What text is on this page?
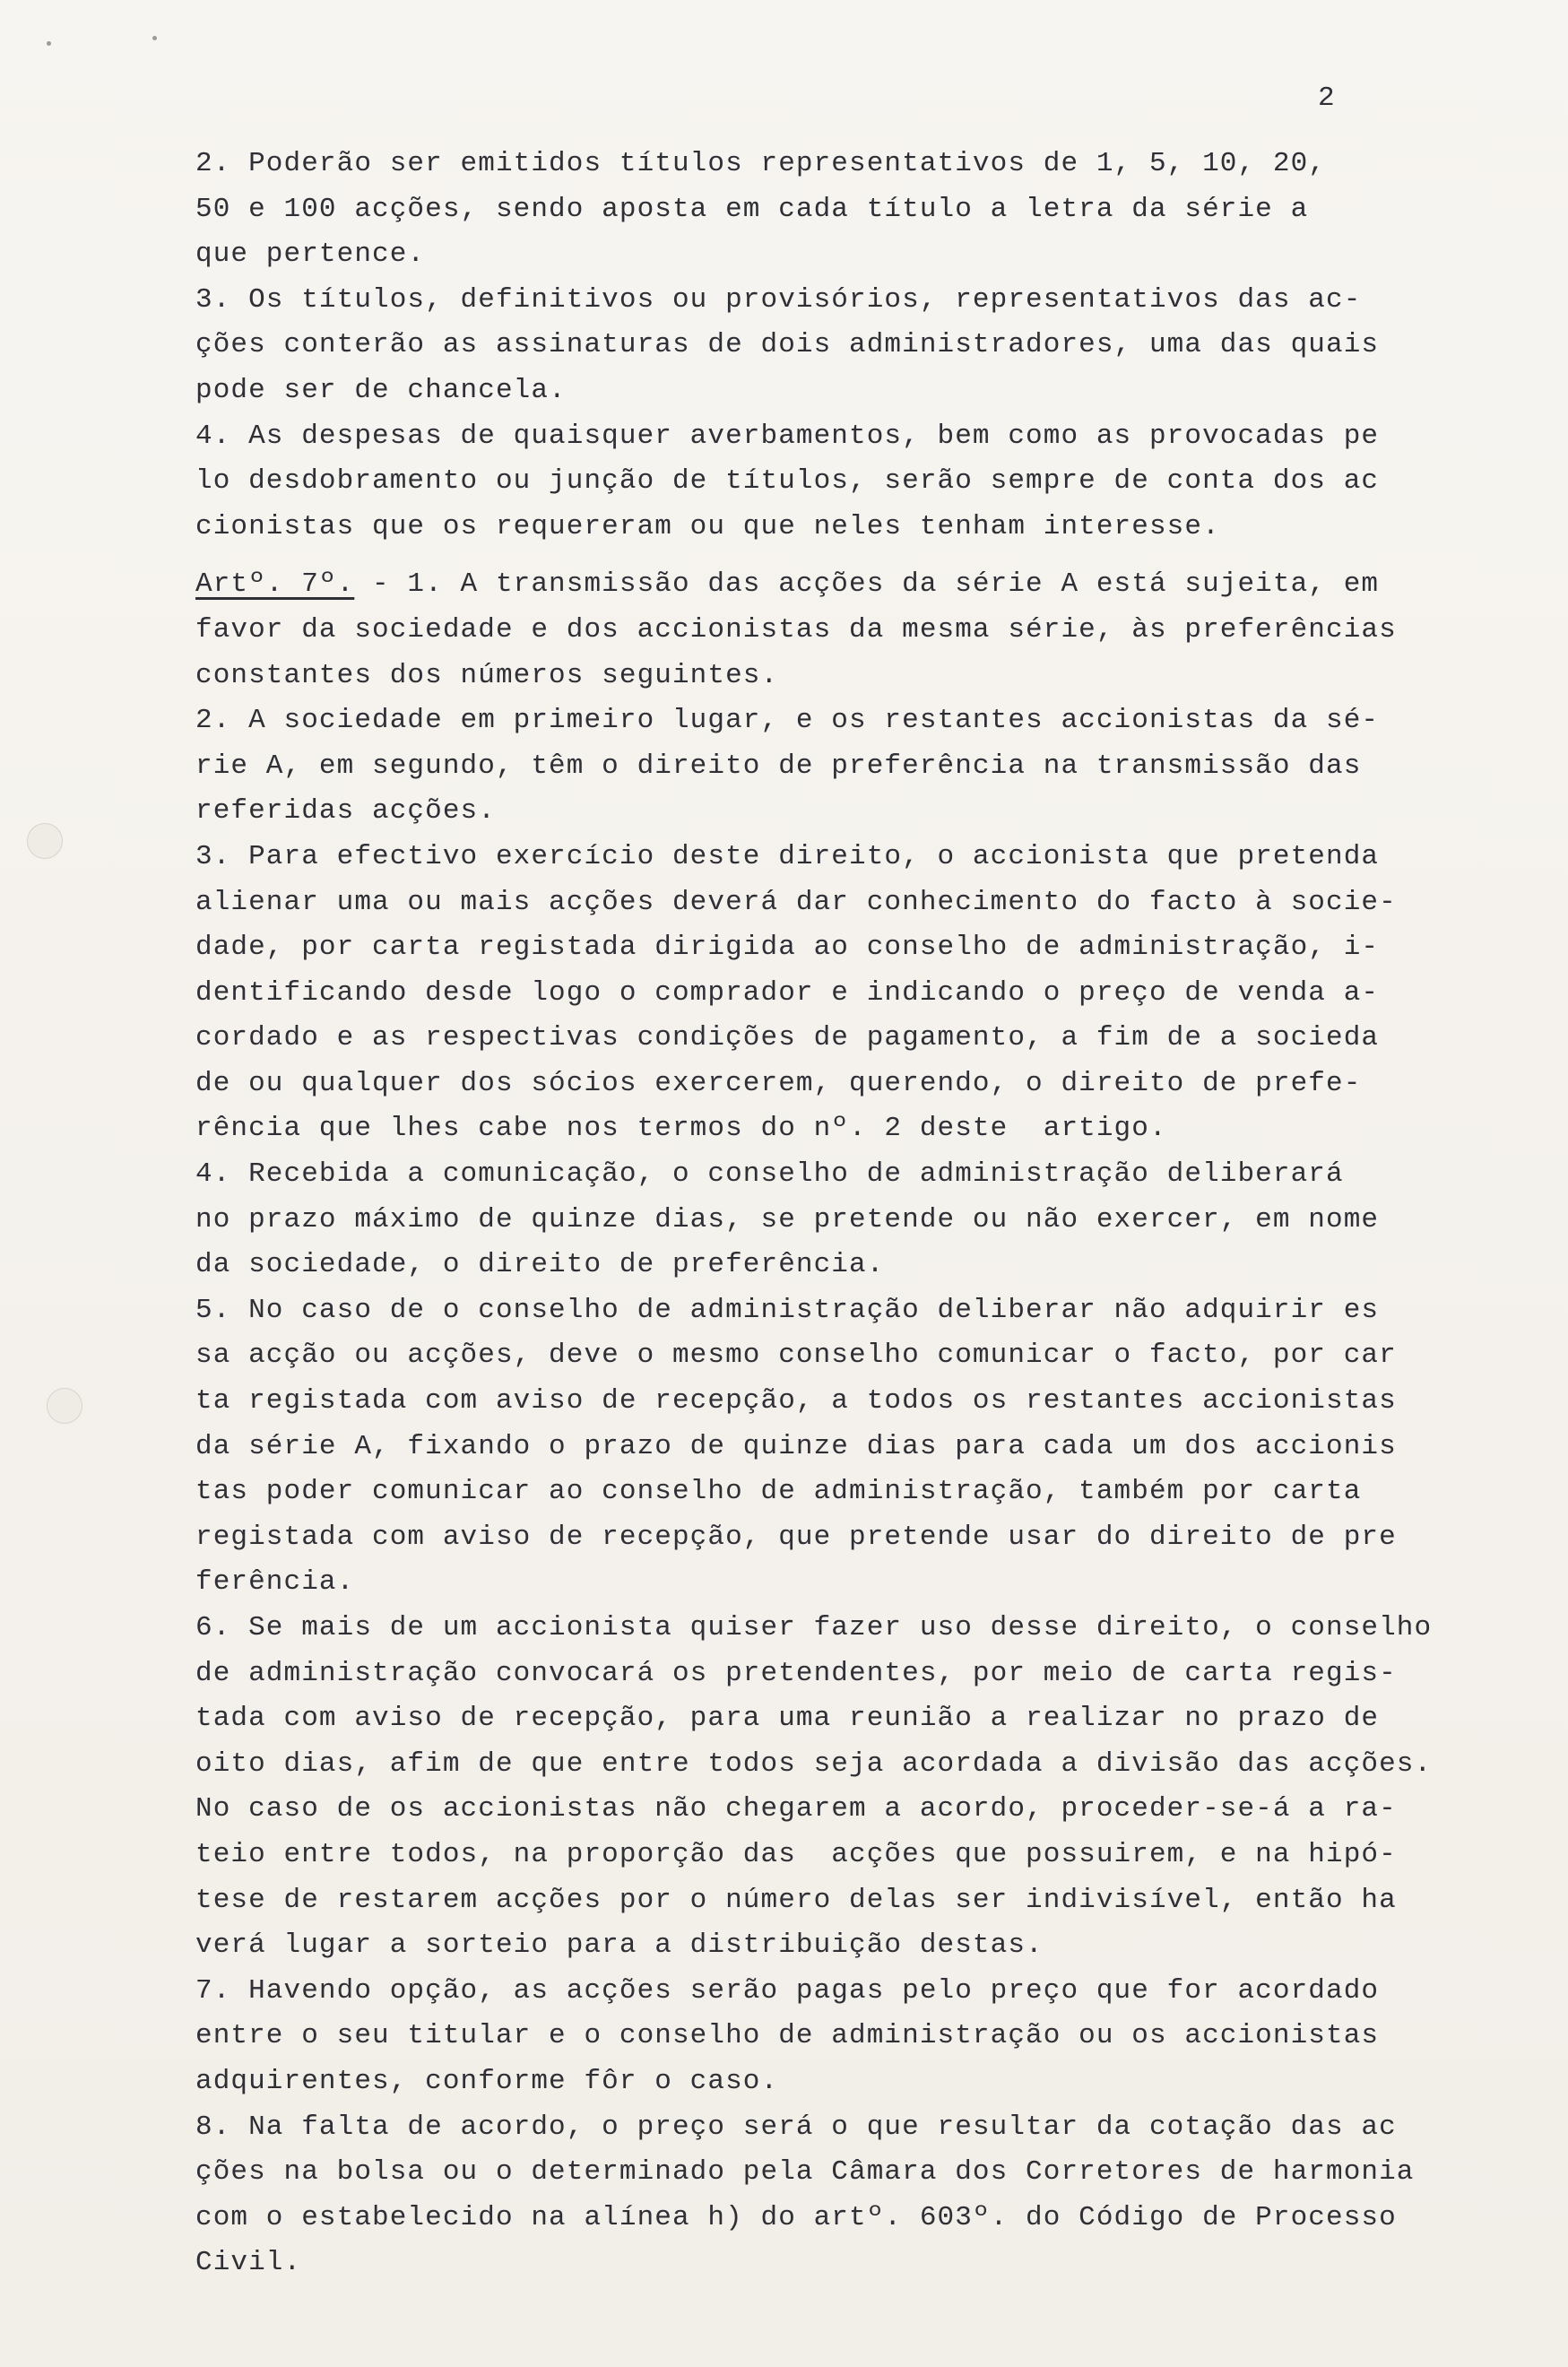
2
2. Poderão ser emitidos títulos representativos de 1, 5, 10, 20,
50 e 100 acções, sendo aposta em cada título a letra da série a
que pertence.
3. Os títulos, definitivos ou provisórios, representativos das ac-
ções conterão as assinaturas de dois administradores, uma das quais
pode ser de chancela.
4. As despesas de quaisquer averbamentos, bem como as provocadas pe
lo desdobramento ou junção de títulos, serão sempre de conta dos ac
cionistas que os requereram ou que neles tenham interesse.
Artº. 7º. - 1. A transmissão das acções da série A está sujeita, em
favor da sociedade e dos accionistas da mesma série, às preferências
constantes dos números seguintes.
2. A sociedade em primeiro lugar, e os restantes accionistas da sé-
rie A, em segundo, têm o direito de preferência na transmissão das
referidas acções.
3. Para efectivo exercício deste direito, o accionista que pretenda
alienar uma ou mais acções deverá dar conhecimento do facto à socie-
dade, por carta registada dirigida ao conselho de administração, i-
dentificando desde logo o comprador e indicando o preço de venda a-
cordado e as respectivas condições de pagamento, a fim de a socieda
de ou qualquer dos sócios exercerem, querendo, o direito de prefe-
rência que lhes cabe nos termos do nº. 2 deste  artigo.
4. Recebida a comunicação, o conselho de administração deliberará
no prazo máximo de quinze dias, se pretende ou não exercer, em nome
da sociedade, o direito de preferência.
5. No caso de o conselho de administração deliberar não adquirir es
sa acção ou acções, deve o mesmo conselho comunicar o facto, por car
ta registada com aviso de recepção, a todos os restantes accionistas
da série A, fixando o prazo de quinze dias para cada um dos accionis
tas poder comunicar ao conselho de administração, também por carta
registada com aviso de recepção, que pretende usar do direito de pre
ferência.
6. Se mais de um accionista quiser fazer uso desse direito, o conselho
de administração convocará os pretendentes, por meio de carta regis-
tada com aviso de recepção, para uma reunião a realizar no prazo de
oito dias, afim de que entre todos seja acordada a divisão das acções.
No caso de os accionistas não chegarem a acordo, proceder-se-á a ra-
teio entre todos, na proporção das  acções que possuirem, e na hipó-
tese de restarem acções por o número delas ser indivisível, então ha
verá lugar a sorteio para a distribuição destas.
7. Havendo opção, as acções serão pagas pelo preço que for acordado
entre o seu titular e o conselho de administração ou os accionistas
adquirentes, conforme fôr o caso.
8. Na falta de acordo, o preço será o que resultar da cotação das ac
ções na bolsa ou o determinado pela Câmara dos Corretores de harmonia
com o estabelecido na alínea h) do artº. 603º. do Código de Processo
Civil.
